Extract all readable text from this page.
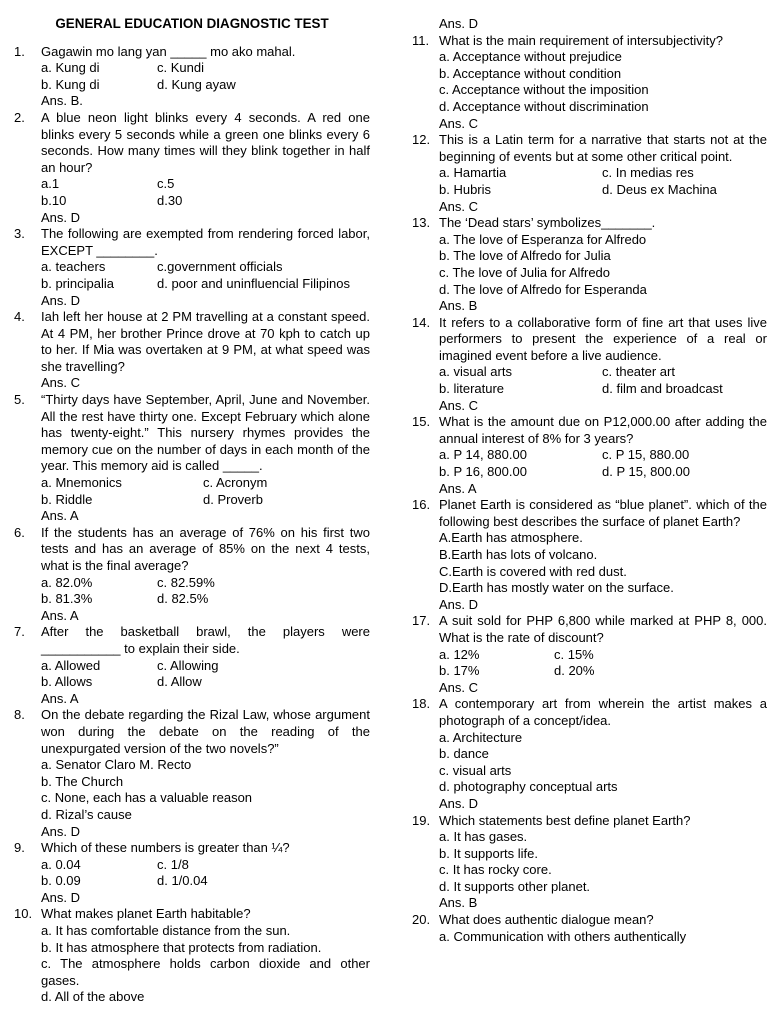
GENERAL EDUCATION DIAGNOSTIC TEST
1. Gagawin mo lang yan _____ mo ako mahal.
a. Kung di	c. Kundi
b. Kung di	d. Kung ayaw
Ans. B.
2. A blue neon light blinks every 4 seconds. A red one blinks every 5 seconds while a green one blinks every 6 seconds. How many times will they blink together in half an hour?
a.1	c.5
b.10	d.30
Ans. D
3. The following are exempted from rendering forced labor, EXCEPT ________.
a. teachers	c.government officials
b. principalia	d. poor and uninfluencial Filipinos
Ans. D
4. Iah left her house at 2 PM travelling at a constant speed. At 4 PM, her brother Prince drove at 70 kph to catch up to her. If Mia was overtaken at 9 PM, at what speed was she travelling?
Ans. C
5. “Thirty days have September, April, June and November. All the rest have thirty one. Except February which alone has twenty-eight.” This nursery rhymes provides the memory cue on the number of days in each month of the year. This memory aid is called _____.
a. Mnemonics	c. Acronym
b. Riddle	d. Proverb
Ans. A
6. If the students has an average of 76% on his first two tests and has an average of 85% on the next 4 tests, what is the final average?
a. 82.0%	c. 82.59%
b. 81.3%	d. 82.5%
Ans. A
7. After the basketball brawl, the players were ___________ to explain their side.
a. Allowed	c. Allowing
b. Allows	d. Allow
Ans. A
8. On the debate regarding the Rizal Law, whose argument won during the debate on the reading of the unexpurgated version of the two novels?”
a. Senator Claro M. Recto
b. The Church
c. None, each has a valuable reason
d. Rizal’s cause
Ans. D
9. Which of these numbers is greater than ¼?
a. 0.04	c. 1/8
b. 0.09	d. 1/0.04
Ans. D
10. What makes planet Earth habitable?
a. It has comfortable distance from the sun.
b. It has atmosphere that protects from radiation.
c. The atmosphere holds carbon dioxide and other gases.
d. All of the above
Ans. D
11. What is the main requirement of intersubjectivity?
a. Acceptance without prejudice
b. Acceptance without condition
c. Acceptance without the imposition
d. Acceptance without discrimination
Ans. C
12. This is a Latin term for a narrative that starts not at the beginning of events but at some other critical point.
a. Hamartia	c. In medias res
b. Hubris	d. Deus ex Machina
Ans. C
13. The ‘Dead stars’ symbolizes_______.
a. The love of Esperanza for Alfredo
b. The love of Alfredo for Julia
c. The love of Julia for Alfredo
d. The love of Alfredo for Esperanda
Ans. B
14. It refers to a collaborative form of fine art that uses live performers to present the experience of a real or imagined event before a live audience.
a. visual arts	c. theater art
b. literature	d. film and broadcast
Ans. C
15. What is the amount due on P12,000.00 after adding the annual interest of 8% for 3 years?
a. P 14, 880.00	c. P 15, 880.00
b. P 16, 800.00	d. P 15, 800.00
Ans. A
16. Planet Earth is considered as “blue planet”. which of the following best describes the surface of planet Earth?
A.Earth has atmosphere.
B.Earth has lots of volcano.
C.Earth is covered with red dust.
D.Earth has mostly water on the surface.
Ans. D
17. A suit sold for PHP 6,800 while marked at PHP 8, 000. What is the rate of discount?
a. 12%	c. 15%
b. 17%	d. 20%
Ans. C
18. A contemporary art from wherein the artist makes a photograph of a concept/idea.
a. Architecture
b. dance
c. visual arts
d. photography conceptual arts
Ans. D
19. Which statements best define planet Earth?
a. It has gases.
b. It supports life.
c. It has rocky core.
d. It supports other planet.
Ans. B
20. What does authentic dialogue mean?
a. Communication with others authentically
